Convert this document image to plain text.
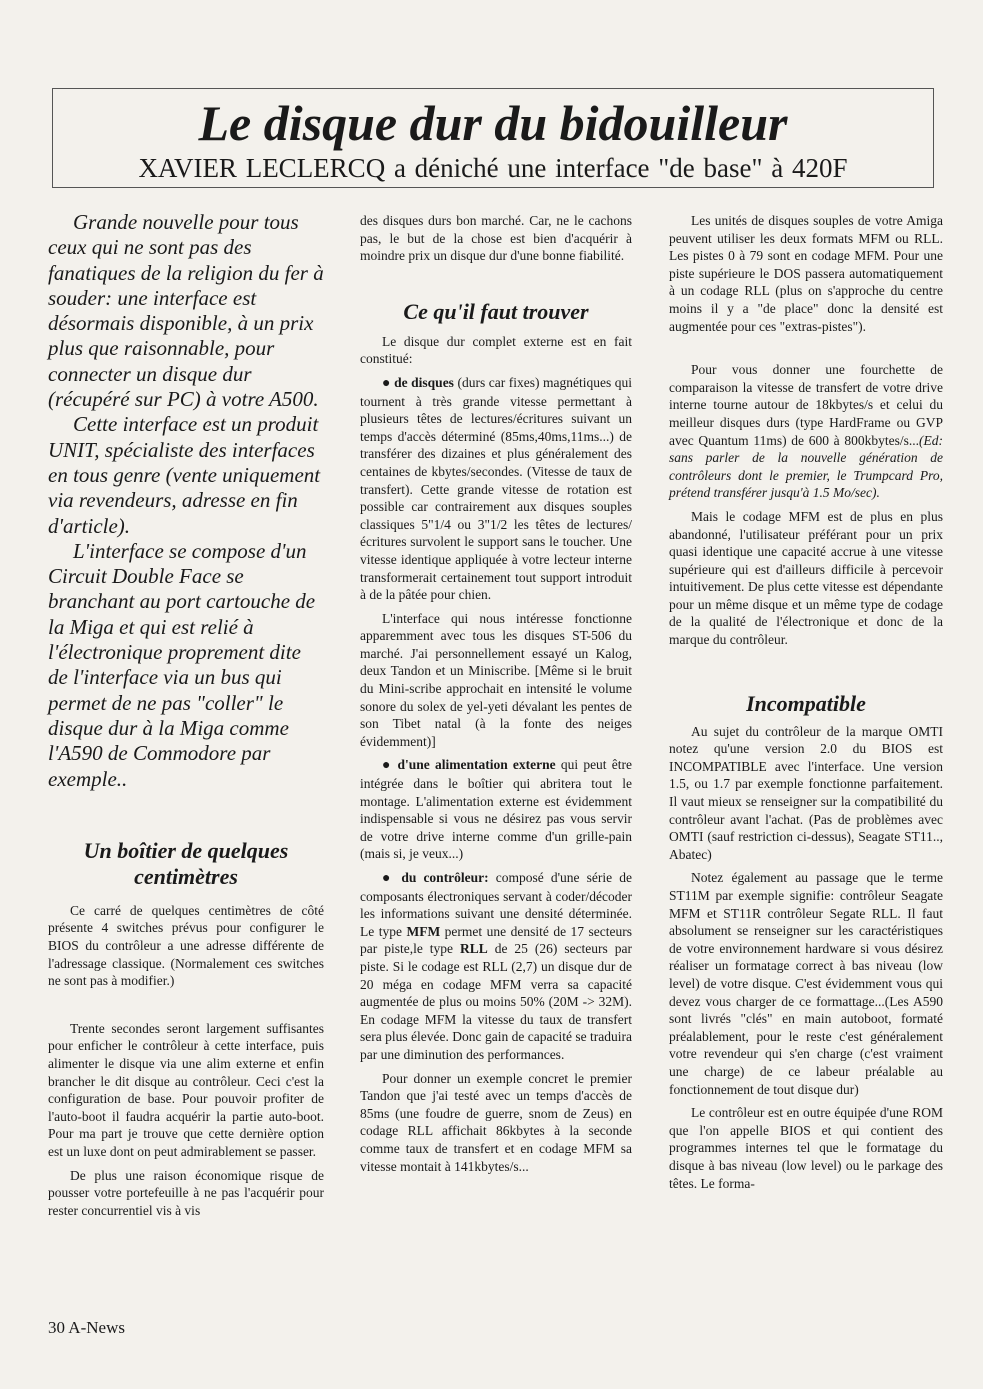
Le disque dur du bidouilleur
XAVIER LECLERCQ a déniché une interface "de base" à 420F

Grande nouvelle pour tous ceux qui ne sont pas des fanatiques de la religion du fer à souder: une interface est désormais disponible, à un prix plus que raisonnable, pour connecter un disque dur (récupéré sur PC) à votre A500.

Cette interface est un produit UNIT, spécialiste des interfaces en tous genre (vente uniquement via revendeurs, adresse en fin d'article).

L'interface se compose d'un Circuit Double Face se branchant au port cartouche de la Miga et qui est relié à l'électronique proprement dite de l'interface via un bus qui permet de ne pas "coller" le disque dur à la Miga comme l'A590 de Commodore par exemple..

Un boîtier de quelques centimètres

Ce carré de quelques centimètres de côté présente 4 switches prévus pour configurer le BIOS du contrôleur a une adresse différente de l'adressage classique. (Normalement ces switches ne sont pas à modifier.)

Trente secondes seront largement suffisantes pour enficher le contrôleur à cette interface, puis alimenter le disque via une alim externe et enfin brancher le dit disque au contrôleur. Ceci c'est la configuration de base. Pour pouvoir profiter de l'auto-boot il faudra acquérir la partie auto-boot. Pour ma part je trouve que cette dernière option est un luxe dont on peut admirablement se passer.

De plus une raison économique risque de pousser votre portefeuille à ne pas l'acquérir pour rester concurrentiel vis à vis

des disques durs bon marché. Car, ne le cachons pas, le but de la chose est bien d'acquérir à moindre prix un disque dur d'une bonne fiabilité.

Ce qu'il faut trouver

Le disque dur complet externe est en fait constitué:

● de disques (durs car fixes) magnétiques qui tournent à très grande vitesse permettant à plusieurs têtes de lectures/écritures suivant un temps d'accès déterminé (85ms,40ms,11ms...) de transférer des dizaines et plus généralement des centaines de kbytes/secondes. (Vitesse de taux de transfert). Cette grande vitesse de rotation est possible car contrairement aux disques souples classiques 5"1/4 ou 3"1/2 les têtes de lectures/écritures survolent le support sans le toucher. Une vitesse identique appliquée à votre lecteur interne transformerait certainement tout support introduit à de la pâtée pour chien.

L'interface qui nous intéresse fonctionne apparemment avec tous les disques ST-506 du marché. J'ai personnellement essayé un Kalog, deux Tandon et un Miniscribe. [Même si le bruit du Mini-scribe approchait en intensité le volume sonore du solex de yel-yeti dévalant les pentes de son Tibet natal (à la fonte des neiges évidemment)]

● d'une alimentation externe qui peut être intégrée dans le boîtier qui abritera tout le montage. L'alimentation externe est évidemment indispensable si vous ne désirez pas vous servir de votre drive interne comme d'un grille-pain (mais si, je veux...)

● du contrôleur: composé d'une série de composants électroniques servant à coder/décoder les informations suivant une densité déterminée. Le type MFM permet une densité de 17 secteurs par piste,le type RLL de 25 (26) secteurs par piste. Si le codage est RLL (2,7) un disque dur de 20 méga en codage MFM verra sa capacité augmentée de plus ou moins 50% (20M -> 32M). En codage MFM la vitesse du taux de transfert sera plus élevée. Donc gain de capacité se traduira par une diminution des performances.

Pour donner un exemple concret le premier Tandon que j'ai testé avec un temps d'accès de 85ms (une foudre de guerre, snom de Zeus) en codage RLL affichait 86kbytes à la seconde comme taux de transfert et en codage MFM sa vitesse montait à 141kbytes/s...

Les unités de disques souples de votre Amiga peuvent utiliser les deux formats MFM ou RLL. Les pistes 0 à 79 sont en codage MFM. Pour une piste supérieure le DOS passera automatiquement à un codage RLL (plus on s'approche du centre moins il y a "de place" donc la densité est augmentée pour ces "extras-pistes").

Pour vous donner une fourchette de comparaison la vitesse de transfert de votre drive interne tourne autour de 18kbytes/s et celui du meilleur disques durs (type HardFrame ou GVP avec Quantum 11ms) de 600 à 800kbytes/s...(Ed: sans parler de la nouvelle génération de contrôleurs dont le premier, le Trumpcard Pro, prétend transférer jusqu'à 1.5 Mo/sec).

Mais le codage MFM est de plus en plus abandonné, l'utilisateur préférant pour un prix quasi identique une capacité accrue à une vitesse supérieure qui est d'ailleurs difficile à percevoir intuitivement. De plus cette vitesse est dépendante pour un même disque et un même type de codage de la qualité de l'électronique et donc de la marque du contrôleur.

Incompatible

Au sujet du contrôleur de la marque OMTI notez qu'une version 2.0 du BIOS est INCOMPATIBLE avec l'interface. Une version 1.5, ou 1.7 par exemple fonctionne parfaitement. Il vaut mieux se renseigner sur la compatibilité du contrôleur avant l'achat. (Pas de problèmes avec OMTI (sauf restriction ci-dessus), Seagate ST11.., Abatec)

Notez également au passage que le terme ST11M par exemple signifie: contrôleur Seagate MFM et ST11R contrôleur Segate RLL. Il faut absolument se renseigner sur les caractéristiques de votre environnement hardware si vous désirez réaliser un formatage correct à bas niveau (low level) de votre disque. C'est évidemment vous qui devez vous charger de ce formattage...(Les A590 sont livrés "clés" en main autoboot, formaté préalablement, pour le reste c'est généralement votre revendeur qui s'en charge (c'est vraiment une charge) de ce labeur préalable au fonctionnement de tout disque dur)

Le contrôleur est en outre équipée d'une ROM que l'on appelle BIOS et qui contient des programmes internes tel que le formatage du disque à bas niveau (low level) ou le parkage des têtes. Le forma-

30 A-News
